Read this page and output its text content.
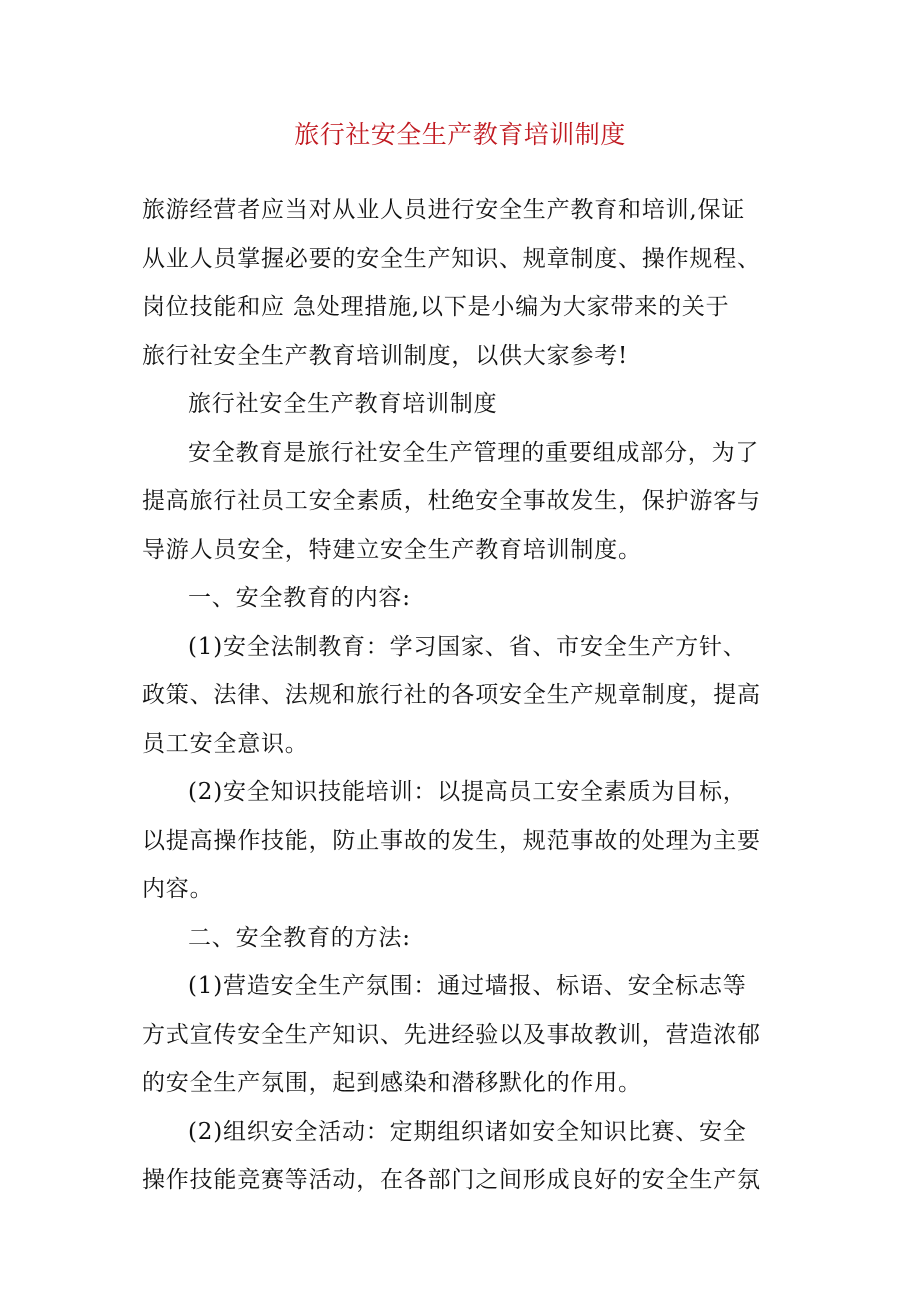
旅行社安全生产教育培训制度
旅游经营者应当对从业人员进行安全生产教育和培训,保证
从业人员掌握必要的安全生产知识、规章制度、操作规程、
岗位技能和应 急处理措施,以下是小编为大家带来的关于
旅行社安全生产教育培训制度，以供大家参考!
旅行社安全生产教育培训制度
安全教育是旅行社安全生产管理的重要组成部分，为了
提高旅行社员工安全素质，杜绝安全事故发生，保护游客与
导游人员安全，特建立安全生产教育培训制度。
一、安全教育的内容:
(1)安全法制教育：学习国家、省、市安全生产方针、
政策、法律、法规和旅行社的各项安全生产规章制度，提高
员工安全意识。
(2)安全知识技能培训：以提高员工安全素质为目标，
以提高操作技能，防止事故的发生，规范事故的处理为主要
内容。
二、安全教育的方法:
(1)营造安全生产氛围：通过墙报、标语、安全标志等
方式宣传安全生产知识、先进经验以及事故教训，营造浓郁
的安全生产氛围，起到感染和潜移默化的作用。
(2)组织安全活动：定期组织诸如安全知识比赛、安全
操作技能竞赛等活动，在各部门之间形成良好的安全生产氛
